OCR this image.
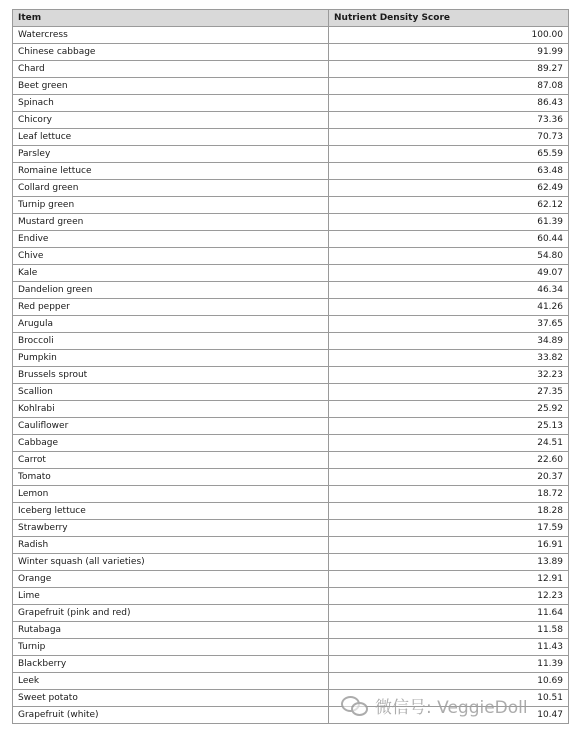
Item	Nutrient Density Score
Watercress	100.00
Chinese cabbage	91.99
Chard	89.27
Beet green	87.08
Spinach	86.43
Chicory	73.36
Leaf lettuce	70.73
Parsley	65.59
Romaine lettuce	63.48
Collard green	62.49
Turnip green	62.12
Mustard green	61.39
Endive	60.44
Chive	54.80
Kale	49.07
Dandelion green	46.34
Red pepper	41.26
Arugula	37.65
Broccoli	34.89
Pumpkin	33.82
Brussels sprout	32.23
Scallion	27.35
Kohlrabi	25.92
Cauliflower	25.13
Cabbage	24.51
Carrot	22.60
Tomato	20.37
Lemon	18.72
Iceberg lettuce	18.28
Strawberry	17.59
Radish	16.91
Winter squash (all varieties)	13.89
Orange	12.91
Lime	12.23
Grapefruit (pink and red)	11.64
Rutabaga	11.58
Turnip	11.43
Blackberry	11.39
Leek	10.69
Sweet potato	10.51
Grapefruit (white)	10.47
微信号: VeggieDoll
